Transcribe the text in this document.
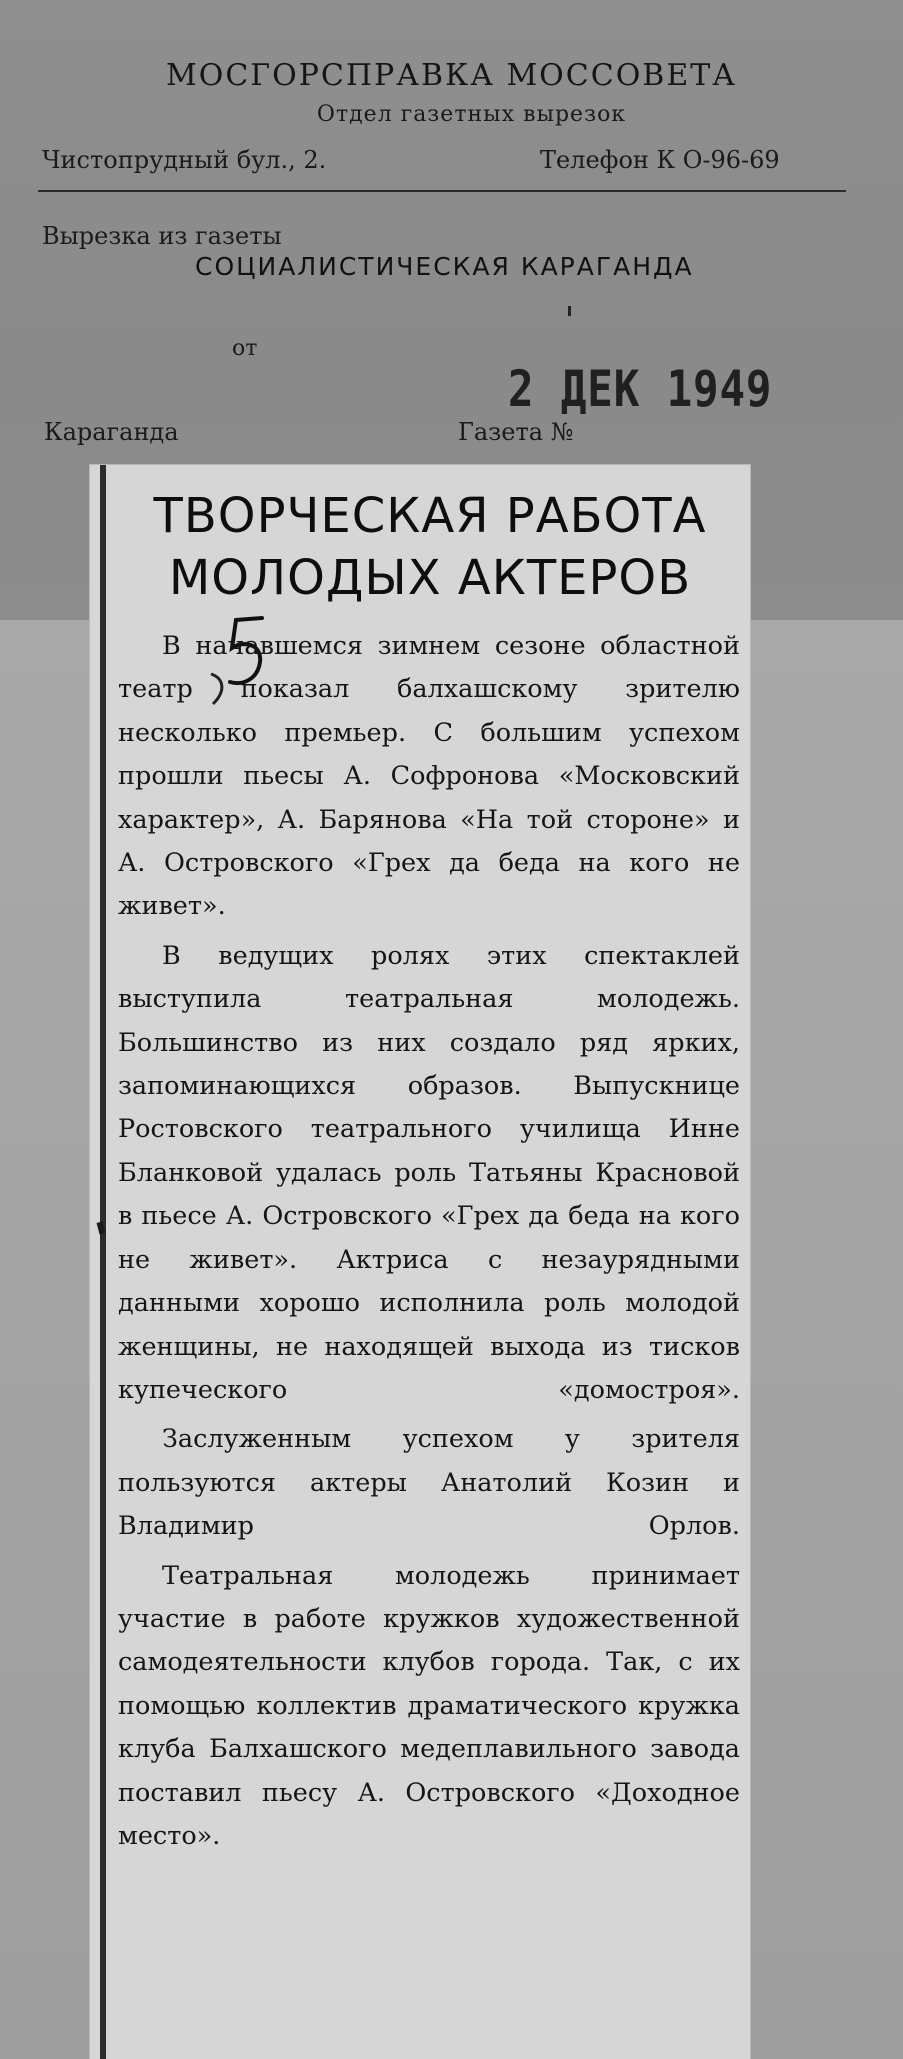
МОСГОРСПРАВКА МОССОВЕТА
Отдел газетных вырезок
Чистопрудный бул., 2.	Телефон К О-96-69
Вырезка из газеты
СОЦИАЛИСТИЧЕСКАЯ КАРАГАНДА
от
2 ДЕК 1949
Караганда	Газета №
ТВОРЧЕСКАЯ РАБОТА
МОЛОДЫХ АКТЕРОВ

В начавшемся зимнем сезоне областной театр показал балхашскому зрителю несколько премьер. С большим успехом прошли пьесы А. Софронова «Московский характер», А. Барянова «На той стороне» и А. Островского «Грех да беда на кого не живет».

В ведущих ролях этих спектаклей выступила театральная молодежь. Большинство из них создало ряд ярких, запоминающихся образов. Выпускнице Ростовского театрального училища Инне Бланковой удалась роль Татьяны Красновой в пьесе А. Островского «Грех да беда на кого не живет». Актриса с незаурядными данными хорошо исполнила роль молодой женщины, не находящей выхода из тисков купеческого «домостроя».

Заслуженным успехом у зрителя пользуются актеры Анатолий Козин и Владимир Орлов.

Театральная молодежь принимает участие в работе кружков художественной самодеятельности клубов города. Так, с их помощью коллектив драматического кружка клуба Балхашского медеплавильного завода поставил пьесу А. Островского «Доходное место».
